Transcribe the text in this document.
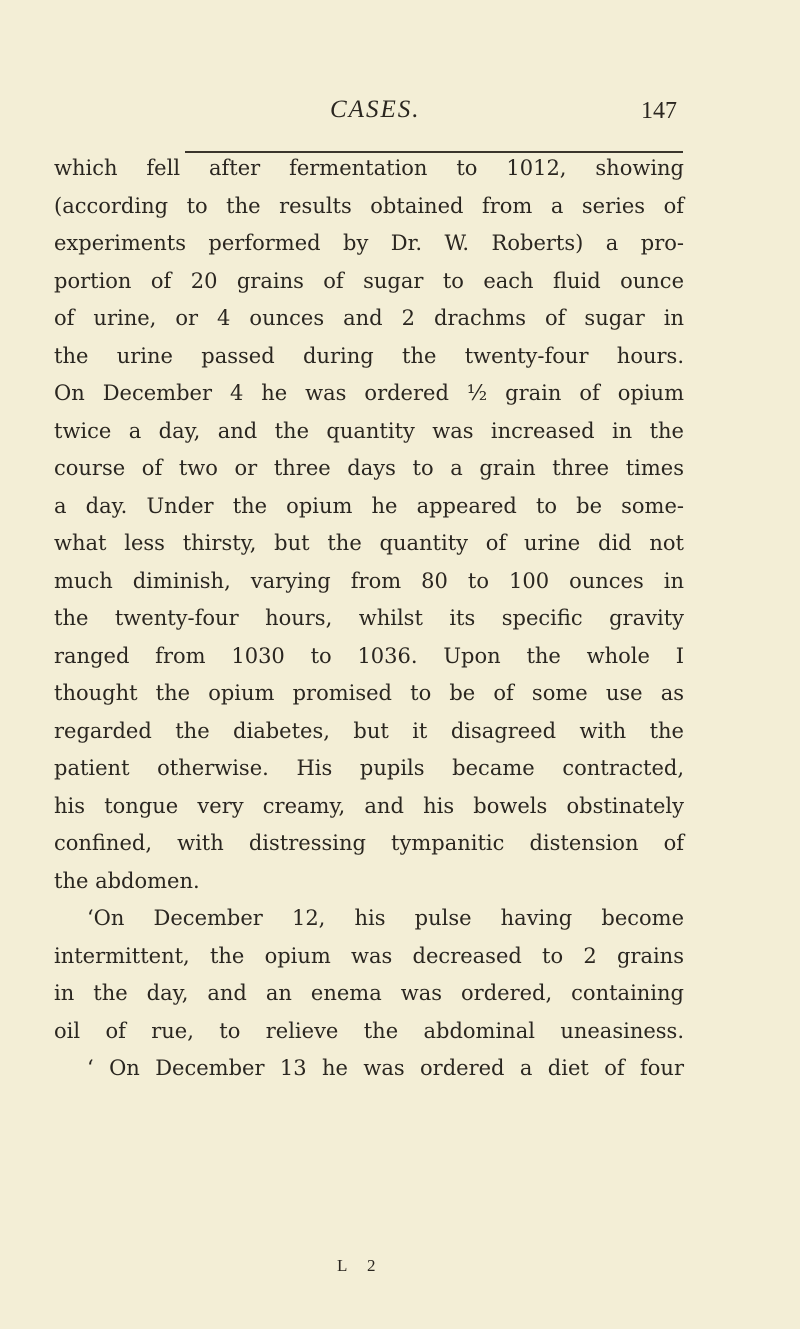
CASES.	147
which fell after fermentation to 1012, showing
(according to the results obtained from a series of
experiments performed by Dr. W. Roberts) a pro-
portion of 20 grains of sugar to each fluid ounce
of urine, or 4 ounces and 2 drachms of sugar in
the urine passed during the twenty-four hours.
On December 4 he was ordered ½ grain of opium
twice a day, and the quantity was increased in the
course of two or three days to a grain three times
a day. Under the opium he appeared to be some-
what less thirsty, but the quantity of urine did not
much diminish, varying from 80 to 100 ounces in
the twenty-four hours, whilst its specific gravity
ranged from 1030 to 1036. Upon the whole I
thought the opium promised to be of some use as
regarded the diabetes, but it disagreed with the
patient otherwise. His pupils became contracted,
his tongue very creamy, and his bowels obstinately
confined, with distressing tympanitic distension of
the abdomen.
‘On December 12, his pulse having become
intermittent, the opium was decreased to 2 grains
in the day, and an enema was ordered, containing
oil of rue, to relieve the abdominal uneasiness.
‘ On December 13 he was ordered a diet of four
L 2
